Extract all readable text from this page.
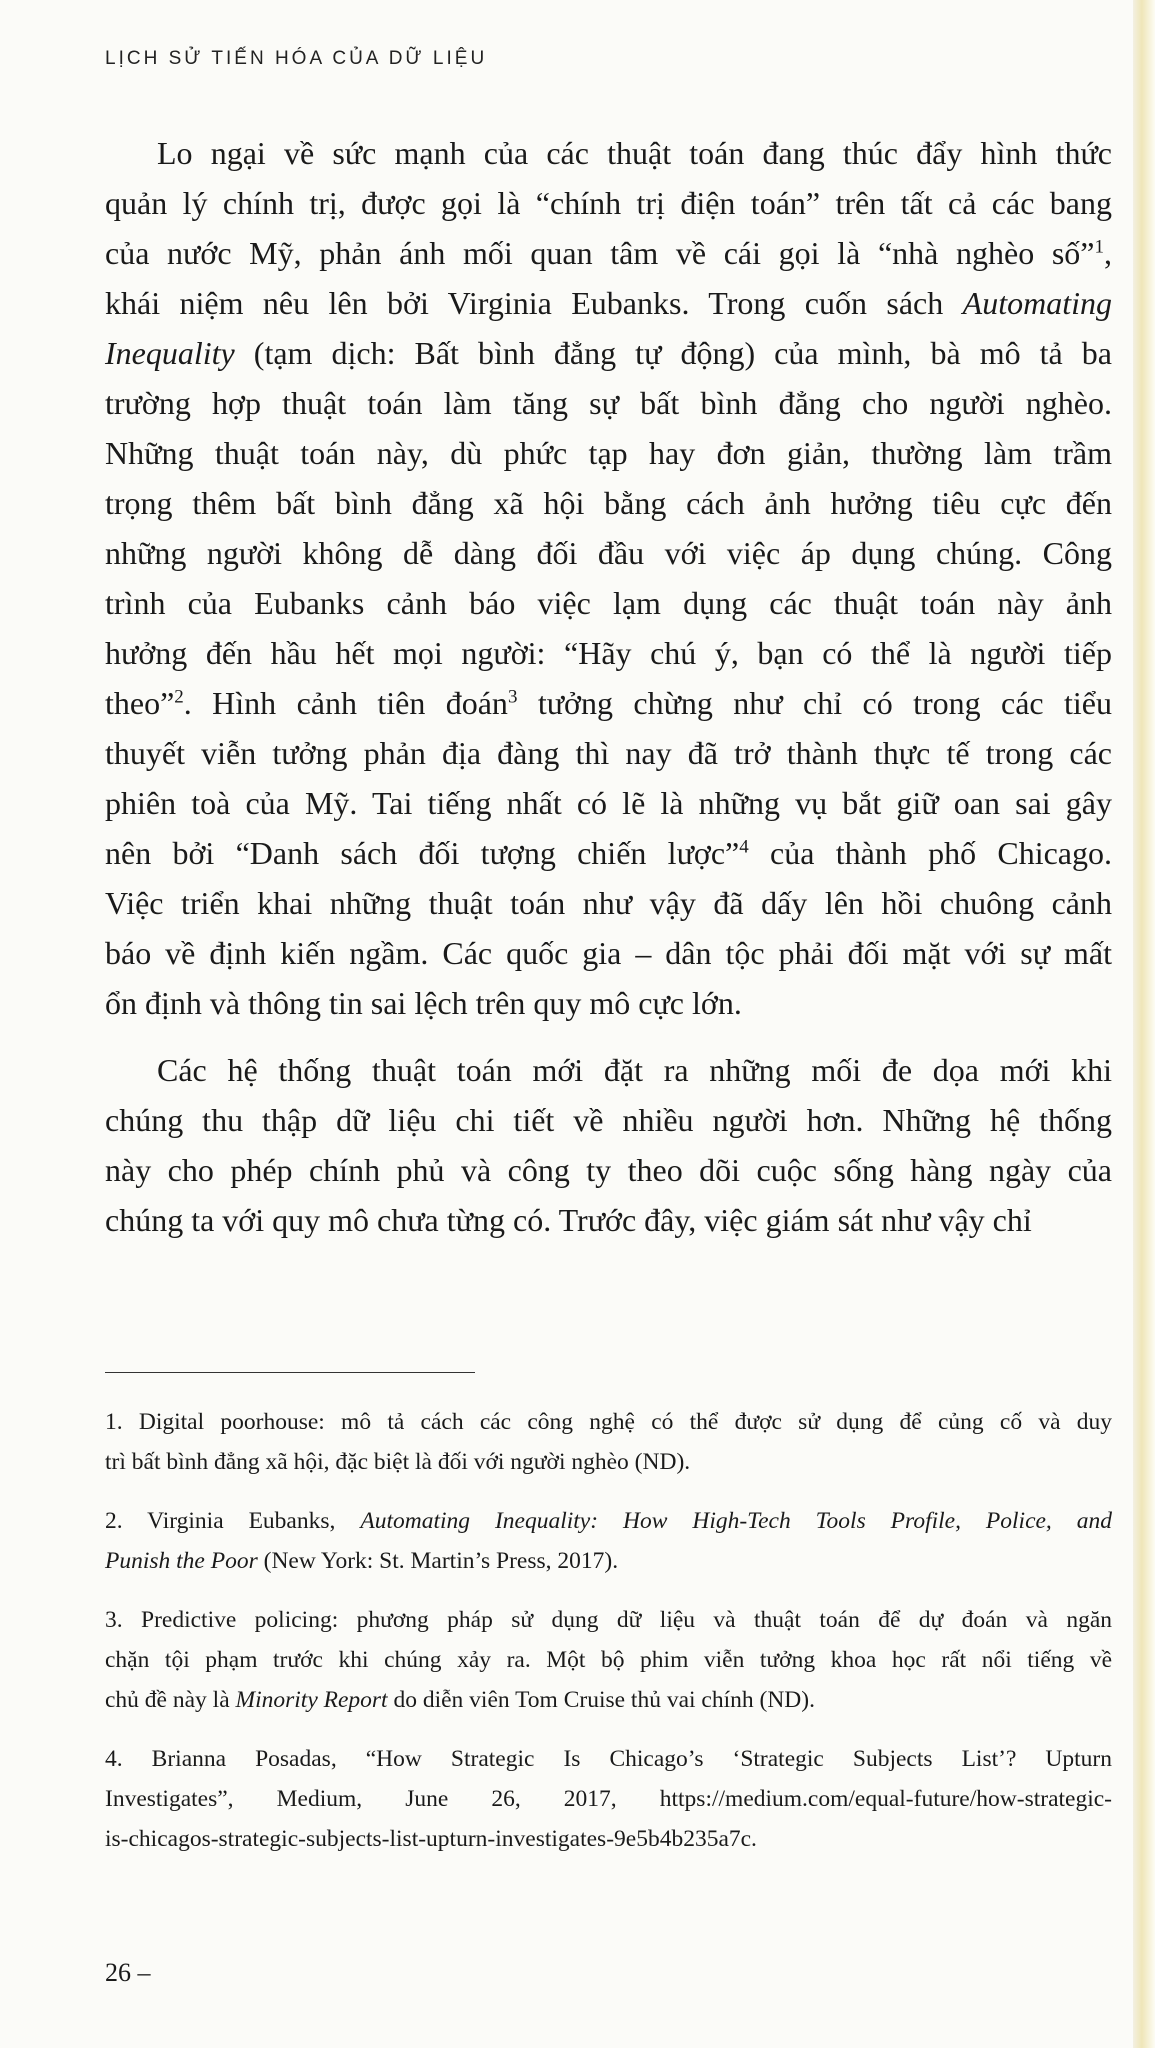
LỊCH SỬ TIẾN HÓA CỦA DỮ LIỆU
Lo ngại về sức mạnh của các thuật toán đang thúc đẩy hình thức
quản lý chính trị, được gọi là “chính trị điện toán” trên tất cả các bang
của nước Mỹ, phản ánh mối quan tâm về cái gọi là “nhà nghèo số”$^1$,
khái niệm nêu lên bởi Virginia Eubanks. Trong cuốn sách Automating
Inequality (tạm dịch: Bất bình đẳng tự động) của mình, bà mô tả ba
trường hợp thuật toán làm tăng sự bất bình đẳng cho người nghèo.
Những thuật toán này, dù phức tạp hay đơn giản, thường làm trầm
trọng thêm bất bình đẳng xã hội bằng cách ảnh hưởng tiêu cực đến
những người không dễ dàng đối đầu với việc áp dụng chúng. Công
trình của Eubanks cảnh báo việc lạm dụng các thuật toán này ảnh
hưởng đến hầu hết mọi người: “Hãy chú ý, bạn có thể là người tiếp
theo”$^2$. Hình cảnh tiên đoán$^3$ tưởng chừng như chỉ có trong các tiểu
thuyết viễn tưởng phản địa đàng thì nay đã trở thành thực tế trong các
phiên toà của Mỹ. Tai tiếng nhất có lẽ là những vụ bắt giữ oan sai gây
nên bởi “Danh sách đối tượng chiến lược”$^4$ của thành phố Chicago.
Việc triển khai những thuật toán như vậy đã dấy lên hồi chuông cảnh
báo về định kiến ngầm. Các quốc gia – dân tộc phải đối mặt với sự mất
ổn định và thông tin sai lệch trên quy mô cực lớn.
Các hệ thống thuật toán mới đặt ra những mối đe dọa mới khi
chúng thu thập dữ liệu chi tiết về nhiều người hơn. Những hệ thống
này cho phép chính phủ và công ty theo dõi cuộc sống hàng ngày của
chúng ta với quy mô chưa từng có. Trước đây, việc giám sát như vậy chỉ
1. Digital poorhouse: mô tả cách các công nghệ có thể được sử dụng để củng cố và duy
trì bất bình đẳng xã hội, đặc biệt là đối với người nghèo (ND).
2. Virginia Eubanks, Automating Inequality: How High-Tech Tools Profile, Police, and
Punish the Poor (New York: St. Martin’s Press, 2017).
3. Predictive policing: phương pháp sử dụng dữ liệu và thuật toán để dự đoán và ngăn
chặn tội phạm trước khi chúng xảy ra. Một bộ phim viễn tưởng khoa học rất nổi tiếng về
chủ đề này là Minority Report do diễn viên Tom Cruise thủ vai chính (ND).
4. Brianna Posadas, “How Strategic Is Chicago’s ‘Strategic Subjects List’? Upturn
Investigates”, Medium, June 26, 2017, https://medium.com/equal-future/how-strategic-
is-chicagos-strategic-subjects-list-upturn-investigates-9e5b4b235a7c.
26 –
